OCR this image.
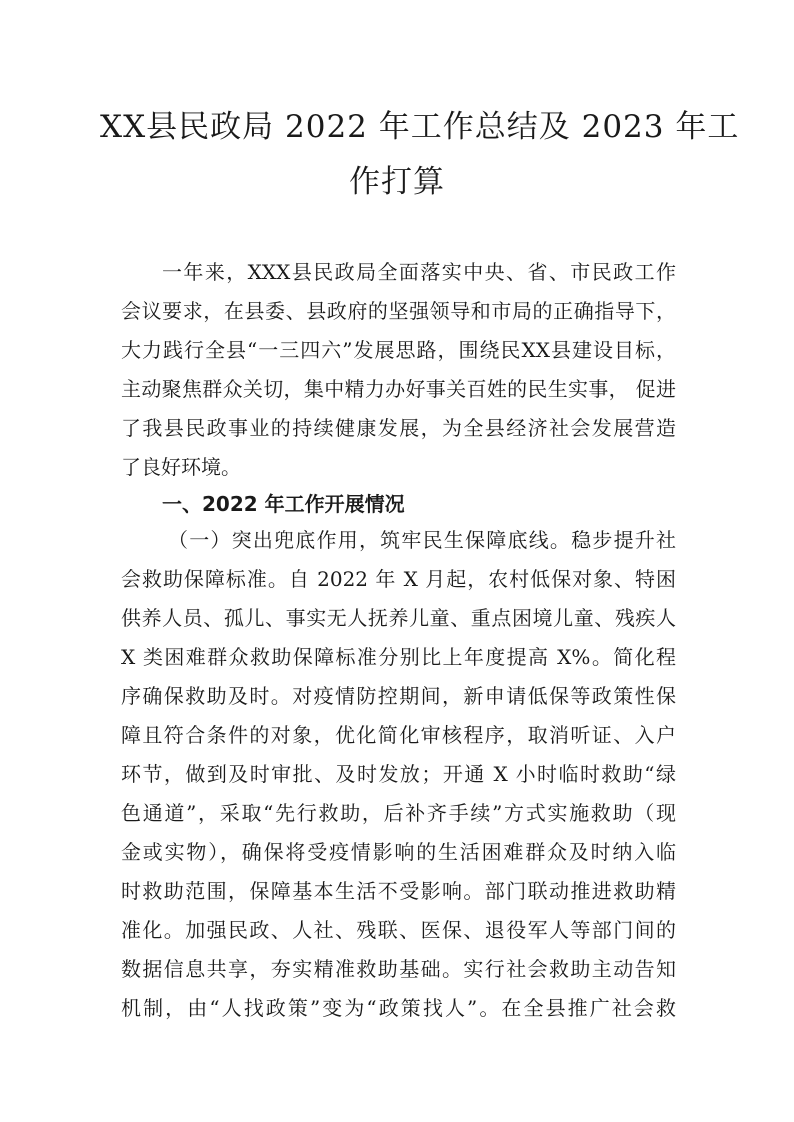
XX县民政局 2022 年工作总结及 2023 年工
作打算
一年来，XXX县民政局全面落实中央、省、市民政工作
会议要求，在县委、县政府的坚强领导和市局的正确指导下，
大力践行全县“一三四六”发展思路，围绕民XX县建设目标，
主动聚焦群众关切，集中精力办好事关百姓的民生实事， 促进
了我县民政事业的持续健康发展，为全县经济社会发展营造
了良好环境。
一、2022 年工作开展情况
（一）突出兜底作用，筑牢民生保障底线。稳步提升社
会救助保障标准。自 2022 年 X 月起，农村低保对象、特困
供养人员、孤儿、事实无人抚养儿童、重点困境儿童、残疾人
X 类困难群众救助保障标准分别比上年度提高 X%。简化程
序确保救助及时。对疫情防控期间，新申请低保等政策性保
障且符合条件的对象，优化简化审核程序，取消听证、入户
环节，做到及时审批、及时发放；开通 X 小时临时救助“绿
色通道”，采取“先行救助，后补齐手续”方式实施救助（现
金或实物），确保将受疫情影响的生活困难群众及时纳入临
时救助范围，保障基本生活不受影响。部门联动推进救助精
准化。加强民政、人社、残联、医保、退役军人等部门间的
数据信息共享，夯实精准救助基础。实行社会救助主动告知
机制，由“人找政策”变为“政策找人”。在全县推广社会救
